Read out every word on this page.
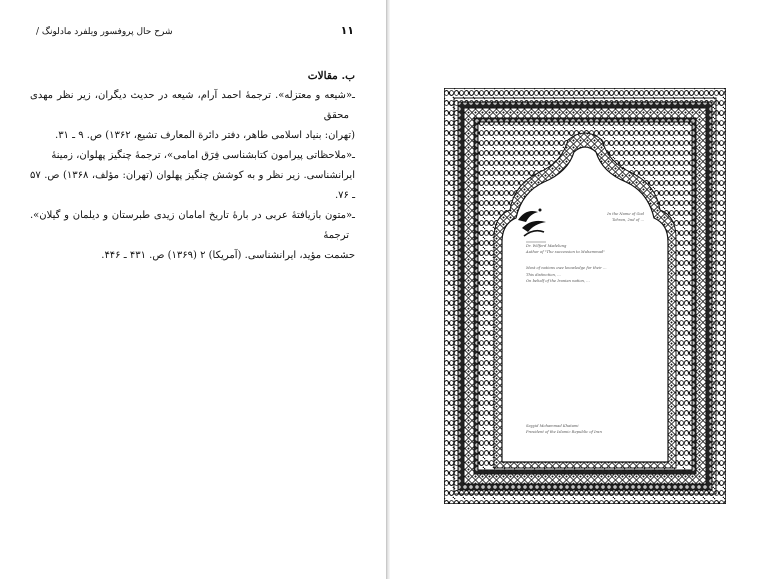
۱۱
شرح حال پروفسور ویلفرد مادلونگ /
ب. مقالات

ـ«شیعه و معتزله». ترجمهٔ احمد آرام، شیعه در حدیث دیگران، زیر نظر مهدی محقق

(تهران: بنیاد اسلامی طاهر، دفتر دائرة المعارف تشیع، ۱۳۶۲) ص. ۹ ـ ۳۱.

ـ«ملاحظاتی پیرامون کتابشناسی فِرَق امامی»، ترجمهٔ چنگیز پهلوان، زمینهٔ

ایرانشناسی. زیر نظر و به کوشش چنگیز پهلوان (تهران: مؤلف، ۱۳۶۸) ص. ۵۷ ـ ۷۶.

ـ«متون بازیافتهٔ عربی در بارهٔ تاریخ امامان زیدی طبرستان و دیلمان و گیلان». ترجمهٔ

حشمت مؤید، ایرانشناسی. (آمریکا) ۲ (۱۳۶۹) ص. ۴۳۱ ـ ۴۴۶.

In the Name of God
Tehran, 2nd of ...
Dr. Wilferd Madelung
Author of "The succession to Muhammad"

Most of nations owe knowledge for their ...

This distinction, ...

On behalf of the Iranian nation, ...

Sayyid Mohammad Khatami
President of the Islamic Republic of Iran
